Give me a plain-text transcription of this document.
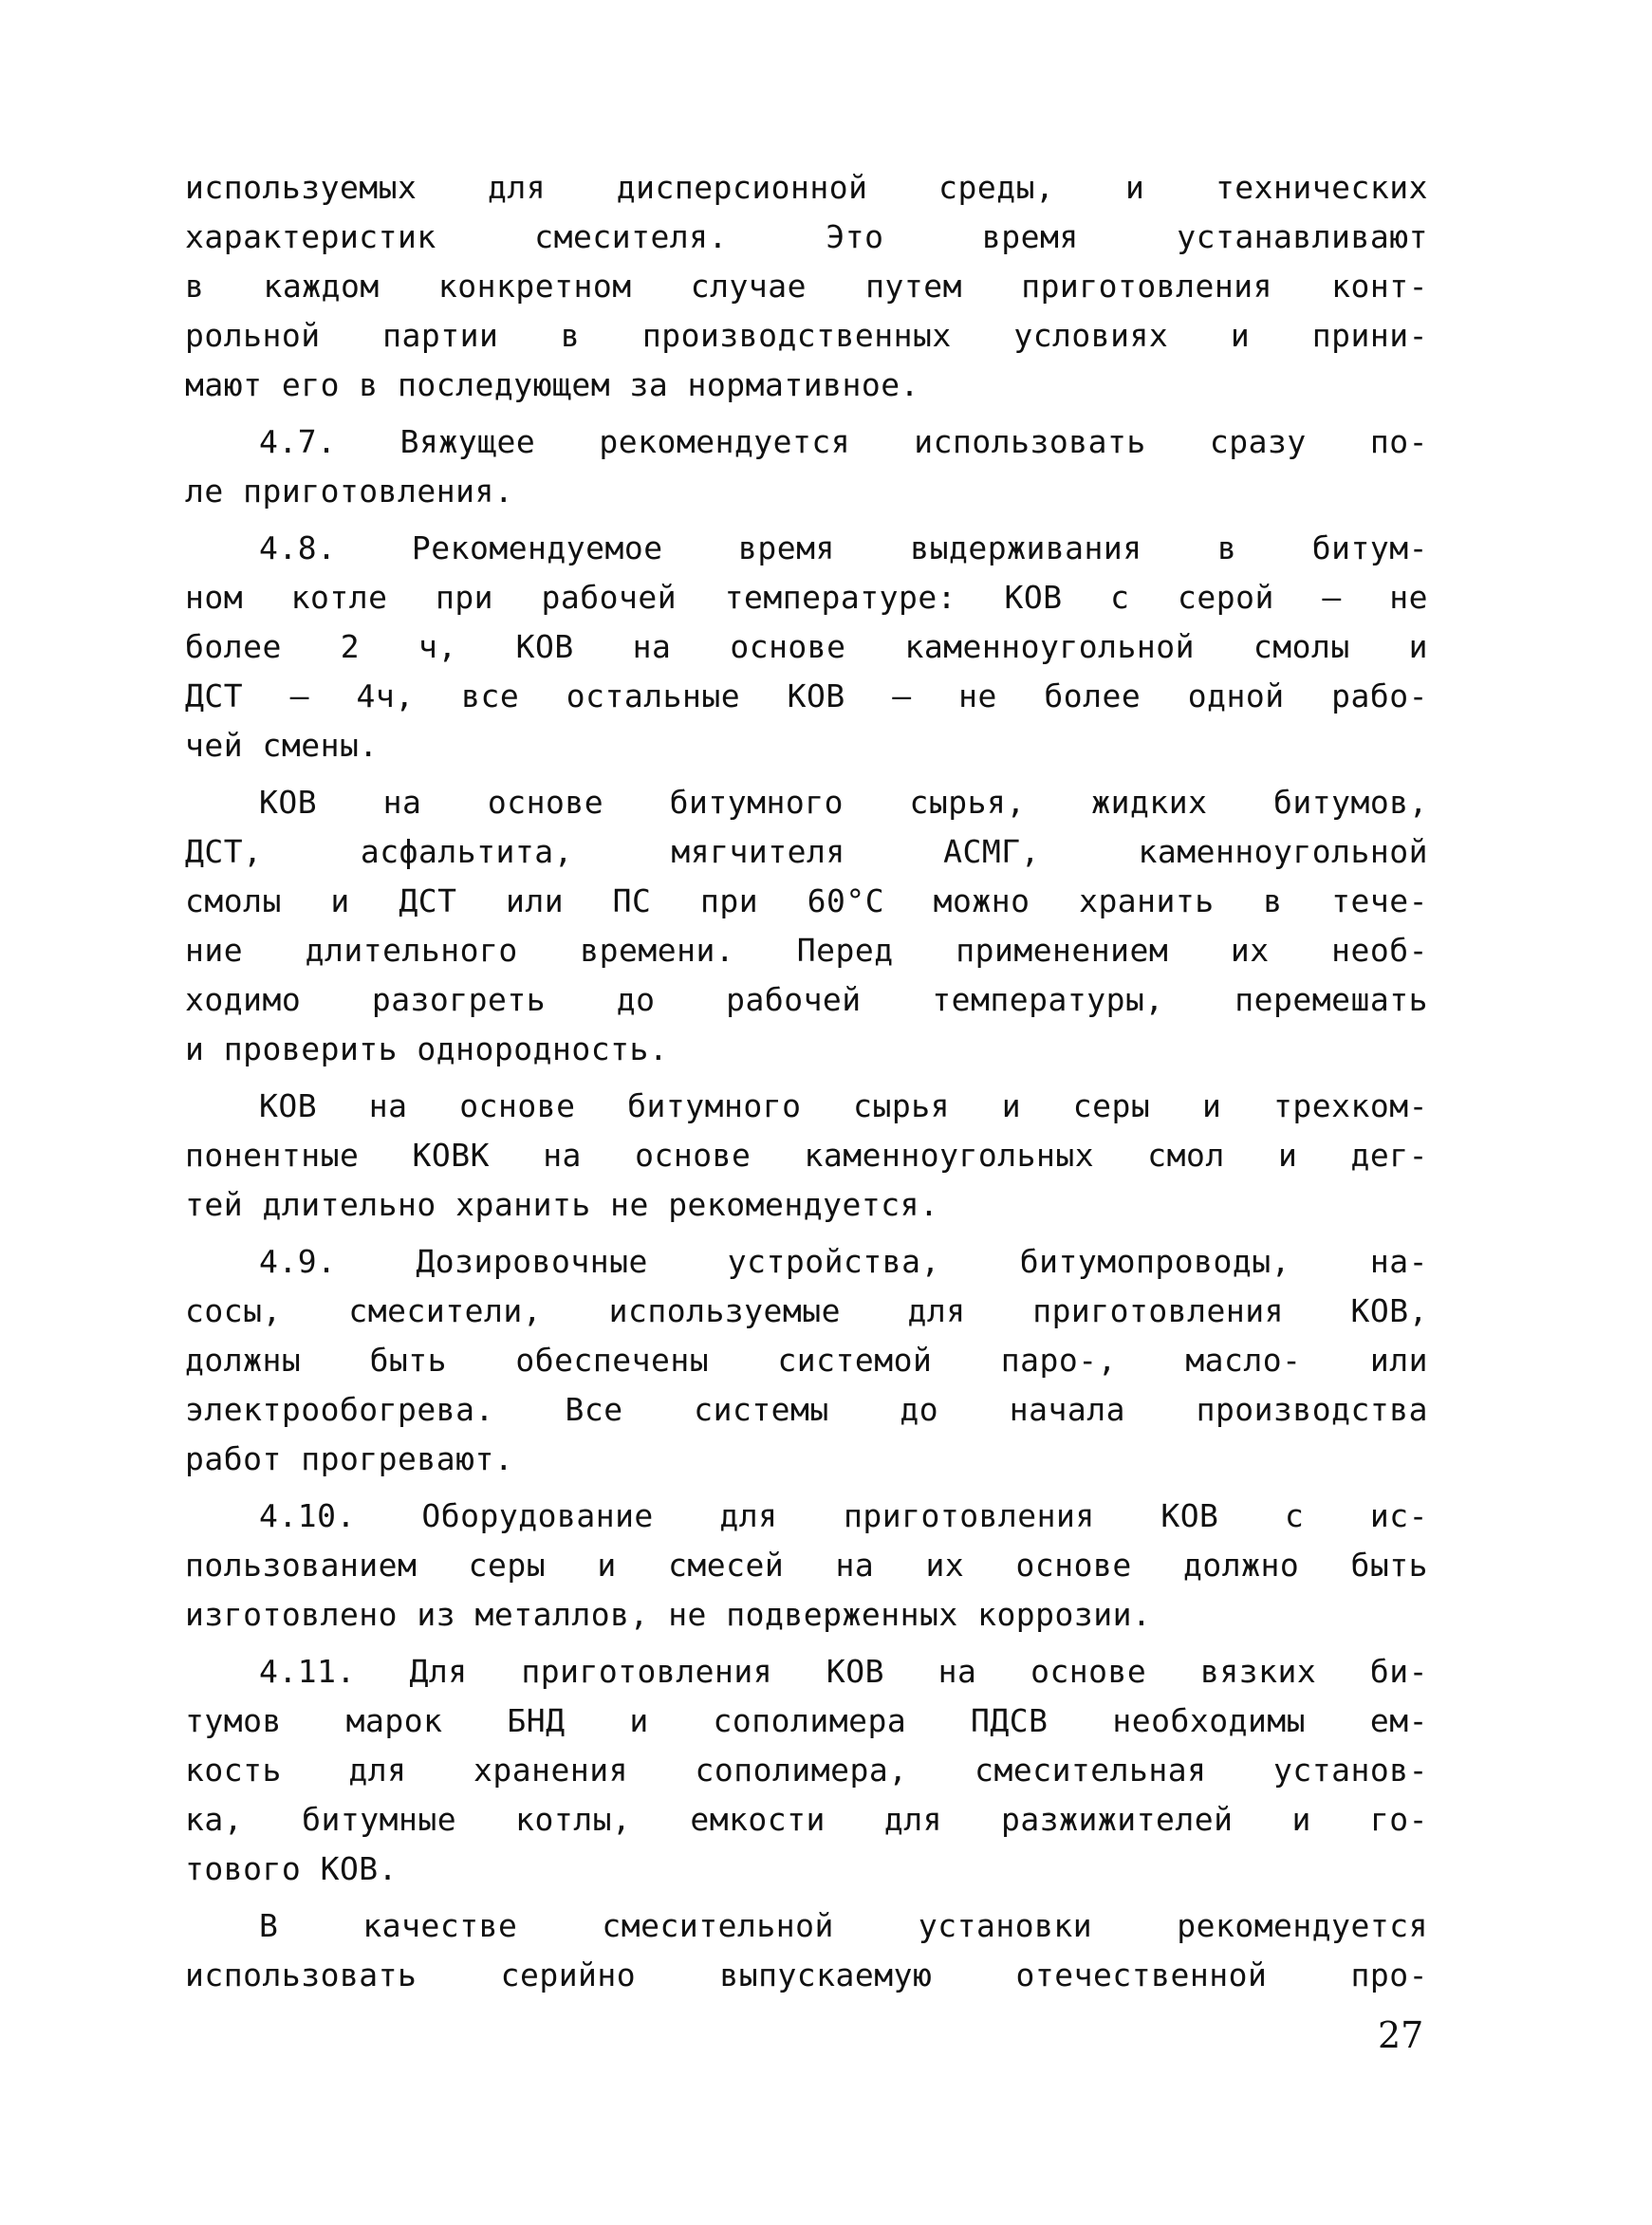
используемых для дисперсионной среды, и технических
характеристик смесителя. Это время устанавливают
в каждом конкретном случае путем приготовления конт-
рольной партии в производственных условиях и прини-
мают его в последующем за нормативное.
4.7. Вяжущее рекомендуется использовать сразу по-
ле приготовления.
4.8. Рекомендуемое время выдерживания в битум-
ном котле при рабочей температуре: КОВ с серой – не
более 2 ч, КОВ на основе каменноугольной смолы и
ДСТ – 4ч, все остальные КОВ – не более одной рабо-
чей смены.
КОВ на основе битумного сырья, жидких битумов,
ДСТ, асфальтита, мягчителя АСМГ, каменноугольной
смолы и ДСТ или ПС при 60°С можно хранить в тече-
ние длительного времени. Перед применением их необ-
ходимо разогреть до рабочей температуры, перемешать
и проверить однородность.
КОВ на основе битумного сырья и серы и трехком-
понентные КОВК на основе каменноугольных смол и дег-
тей длительно хранить не рекомендуется.
4.9. Дозировочные устройства, битумопроводы, на-
сосы, смесители, используемые для приготовления КОВ,
должны быть обеспечены системой паро-, масло- или
электрообогрева. Все системы до начала производства
работ прогревают.
4.10. Оборудование для приготовления КОВ с ис-
пользованием серы и смесей на их основе должно быть
изготовлено из металлов, не подверженных коррозии.
4.11. Для приготовления КОВ на основе вязких би-
тумов марок БНД и сополимера ПДСВ необходимы ем-
кость для хранения сополимера, смесительная установ-
ка, битумные котлы, емкости для разжижителей и го-
тового КОВ.
В качестве смесительной установки рекомендуется
использовать серийно выпускаемую отечественной про-
27
